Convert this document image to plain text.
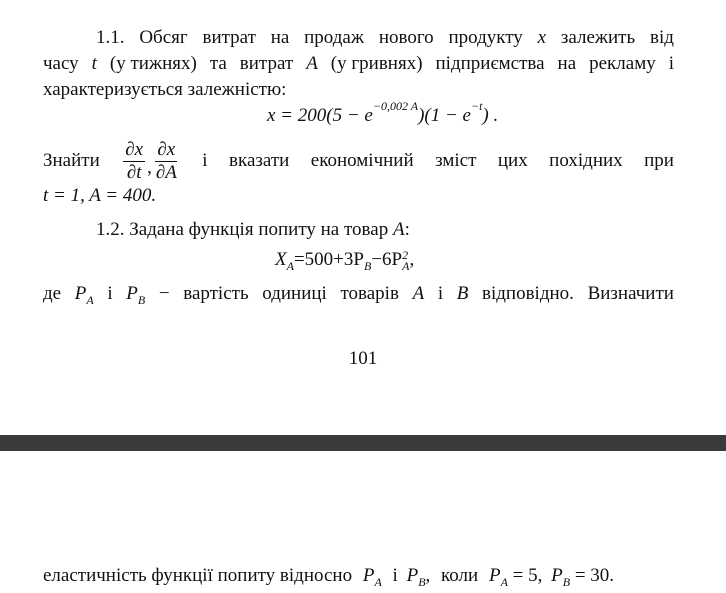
1.1. Обсяг витрат на продаж нового продукту x залежить від
часу t (у тижнях) та витрат A (у гривнях) підприємства на рекламу і
характеризується залежністю:
$x = 200(5 - e^{-0,002 A})(1 - e^{-t})$ .
Знайти $\frac{\partial x}{\partial t}$ , $\frac{\partial x}{\partial A}$ і вказати економічний зміст цих похідних при
t = 1, A = 400.
1.2. Задана функція попиту на товар A:
$X_A=500+3P_B-6P$ 2
A ,
де $P_A$ і $P_B$ − вартість одиниці товарів A і B відповідно. Визначити
101
еластичність функції попиту відносно $P_A$ і $P_B$, коли $P_A = 5$, $P_B = 30$.
